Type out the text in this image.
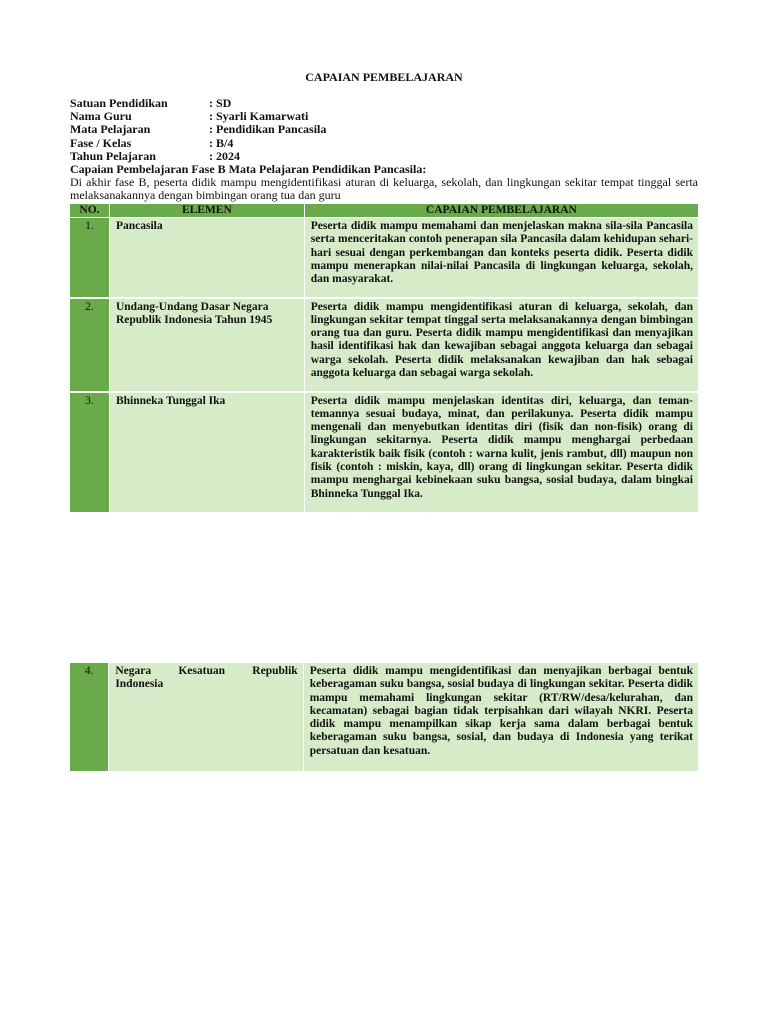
CAPAIAN PEMBELAJARAN
Satuan Pendidikan	: SD
Nama Guru	: Syarli Kamarwati
Mata Pelajaran	: Pendidikan Pancasila
Fase / Kelas	: B/4
Tahun Pelajaran	: 2024
Capaian Pembelajaran Fase B Mata Pelajaran Pendidikan Pancasila:
Di akhir fase B, peserta didik mampu mengidentifikasi aturan di keluarga, sekolah, dan lingkungan sekitar tempat tinggal serta melaksanakannya dengan bimbingan orang tua dan guru
NO.	ELEMEN	CAPAIAN PEMBELAJARAN
1.	Pancasila	Peserta didik mampu memahami dan menjelaskan makna sila-sila Pancasila serta menceritakan contoh penerapan sila Pancasila dalam kehidupan sehari-hari sesuai dengan perkembangan dan konteks peserta didik. Peserta didik mampu menerapkan nilai-nilai Pancasila di lingkungan keluarga, sekolah, dan masyarakat.
2.	Undang-Undang Dasar Negara Republik Indonesia Tahun 1945	Peserta didik mampu mengidentifikasi aturan di keluarga, sekolah, dan lingkungan sekitar tempat tinggal serta melaksanakannya dengan bimbingan orang tua dan guru. Peserta didik mampu mengidentifikasi dan menyajikan hasil identifikasi hak dan kewajiban sebagai anggota keluarga dan sebagai warga sekolah. Peserta didik melaksanakan kewajiban dan hak sebagai anggota keluarga dan sebagai warga sekolah.
3.	Bhinneka Tunggal Ika	Peserta didik mampu menjelaskan identitas diri, keluarga, dan teman-temannya sesuai budaya, minat, dan perilakunya. Peserta didik mampu mengenali dan menyebutkan identitas diri (fisik dan non-fisik) orang di lingkungan sekitarnya. Peserta didik mampu menghargai perbedaan karakteristik baik fisik (contoh : warna kulit, jenis rambut, dll) maupun non fisik (contoh : miskin, kaya, dll) orang di lingkungan sekitar. Peserta didik mampu menghargai kebinekaan suku bangsa, sosial budaya, dalam bingkai Bhinneka Tunggal Ika.
4.	Negara Kesatuan Republik Indonesia	Peserta didik mampu mengidentifikasi dan menyajikan berbagai bentuk keberagaman suku bangsa, sosial budaya di lingkungan sekitar. Peserta didik mampu memahami lingkungan sekitar (RT/RW/desa/kelurahan, dan kecamatan) sebagai bagian tidak terpisahkan dari wilayah NKRI. Peserta didik mampu menampilkan sikap kerja sama dalam berbagai bentuk keberagaman suku bangsa, sosial, dan budaya di Indonesia yang terikat persatuan dan kesatuan.
